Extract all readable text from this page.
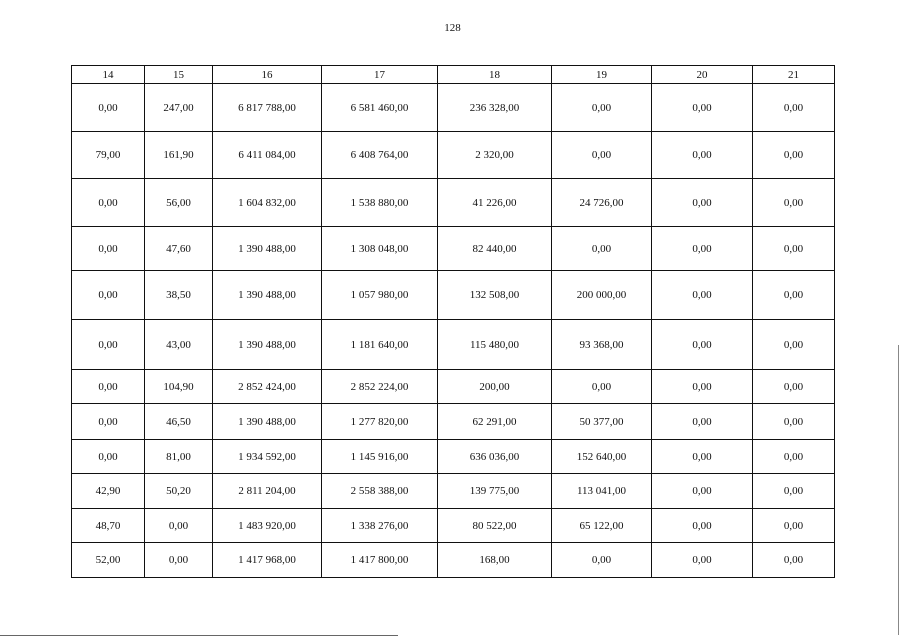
128
14	15	16	17	18	19	20	21
0,00	247,00	6 817 788,00	6 581 460,00	236 328,00	0,00	0,00	0,00
79,00	161,90	6 411 084,00	6 408 764,00	2 320,00	0,00	0,00	0,00
0,00	56,00	1 604 832,00	1 538 880,00	41 226,00	24 726,00	0,00	0,00
0,00	47,60	1 390 488,00	1 308 048,00	82 440,00	0,00	0,00	0,00
0,00	38,50	1 390 488,00	1 057 980,00	132 508,00	200 000,00	0,00	0,00
0,00	43,00	1 390 488,00	1 181 640,00	115 480,00	93 368,00	0,00	0,00
0,00	104,90	2 852 424,00	2 852 224,00	200,00	0,00	0,00	0,00
0,00	46,50	1 390 488,00	1 277 820,00	62 291,00	50 377,00	0,00	0,00
0,00	81,00	1 934 592,00	1 145 916,00	636 036,00	152 640,00	0,00	0,00
42,90	50,20	2 811 204,00	2 558 388,00	139 775,00	113 041,00	0,00	0,00
48,70	0,00	1 483 920,00	1 338 276,00	80 522,00	65 122,00	0,00	0,00
52,00	0,00	1 417 968,00	1 417 800,00	168,00	0,00	0,00	0,00
